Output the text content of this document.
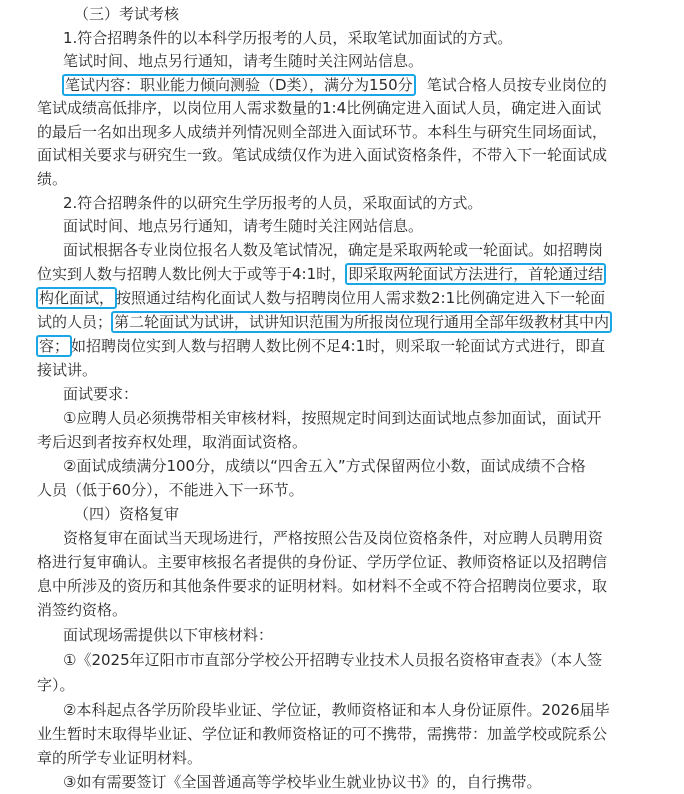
（三）考试考核
1.符合招聘条件的以本科学历报考的人员，采取笔试加面试的方式。
笔试时间、地点另行通知，请考生随时关注网站信息。
笔试内容：职业能力倾向测验（D类），满分为150分 笔试合格人员按专业岗位的
笔试成绩高低排序，以岗位用人需求数量的1:4比例确定进入面试人员，确定进入面试
的最后一名如出现多人成绩并列情况则全部进入面试环节。本科生与研究生同场面试，
面试相关要求与研究生一致。笔试成绩仅作为进入面试资格条件，不带入下一轮面试成
绩。
2.符合招聘条件的以研究生学历报考的人员，采取面试的方式。
面试时间、地点另行通知，请考生随时关注网站信息。
面试根据各专业岗位报名人数及笔试情况，确定是采取两轮或一轮面试。如招聘岗
位实到人数与招聘人数比例大于或等于4:1时， 即采取两轮面试方法进行，首轮通过结
构化面试， 按照通过结构化面试人数与招聘岗位用人需求数2:1比例确定进入下一轮面
试的人员； 第二轮面试为试讲，试讲知识范围为所报岗位现行通用全部年级教材其中内
容； 如招聘岗位实到人数与招聘人数比例不足4:1时，则采取一轮面试方式进行，即直
接试讲。
面试要求：
①应聘人员必须携带相关审核材料，按照规定时间到达面试地点参加面试，面试开
考后迟到者按弃权处理，取消面试资格。
②面试成绩满分100分，成绩以“四舍五入”方式保留两位小数，面试成绩不合格
人员（低于60分），不能进入下一环节。
（四）资格复审
资格复审在面试当天现场进行，严格按照公告及岗位资格条件，对应聘人员聘用资
格进行复审确认。主要审核报名者提供的身份证、学历学位证、教师资格证以及招聘信
息中所涉及的资历和其他条件要求的证明材料。如材料不全或不符合招聘岗位要求，取
消签约资格。
面试现场需提供以下审核材料：
①《2025年辽阳市市直部分学校公开招聘专业技术人员报名资格审查表》（本人签
字）。
②本科起点各学历阶段毕业证、学位证，教师资格证和本人身份证原件。2026届毕
业生暂时末取得毕业证、学位证和教师资格证的可不携带，需携带：加盖学校或院系公
章的所学专业证明材料。
③如有需要签订《全国普通高等学校毕业生就业协议书》的，自行携带。
